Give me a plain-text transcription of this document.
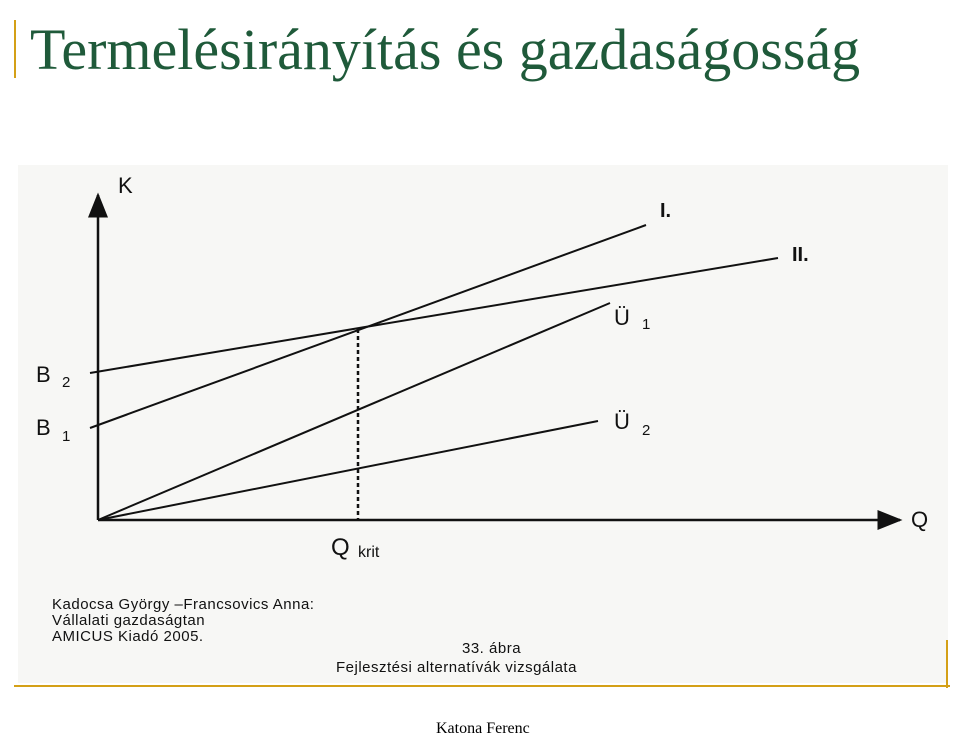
Termelésirányítás és gazdaságosság
K
Q
I.
II.
Ü 1
Ü 2
B 2
B 1
Q krit
Kadocsa György –Francsovics Anna:
Vállalati gazdaságtan
AMICUS Kiadó 2005.
33. ábra
Fejlesztési alternatívák vizsgálata
Katona Ferenc
